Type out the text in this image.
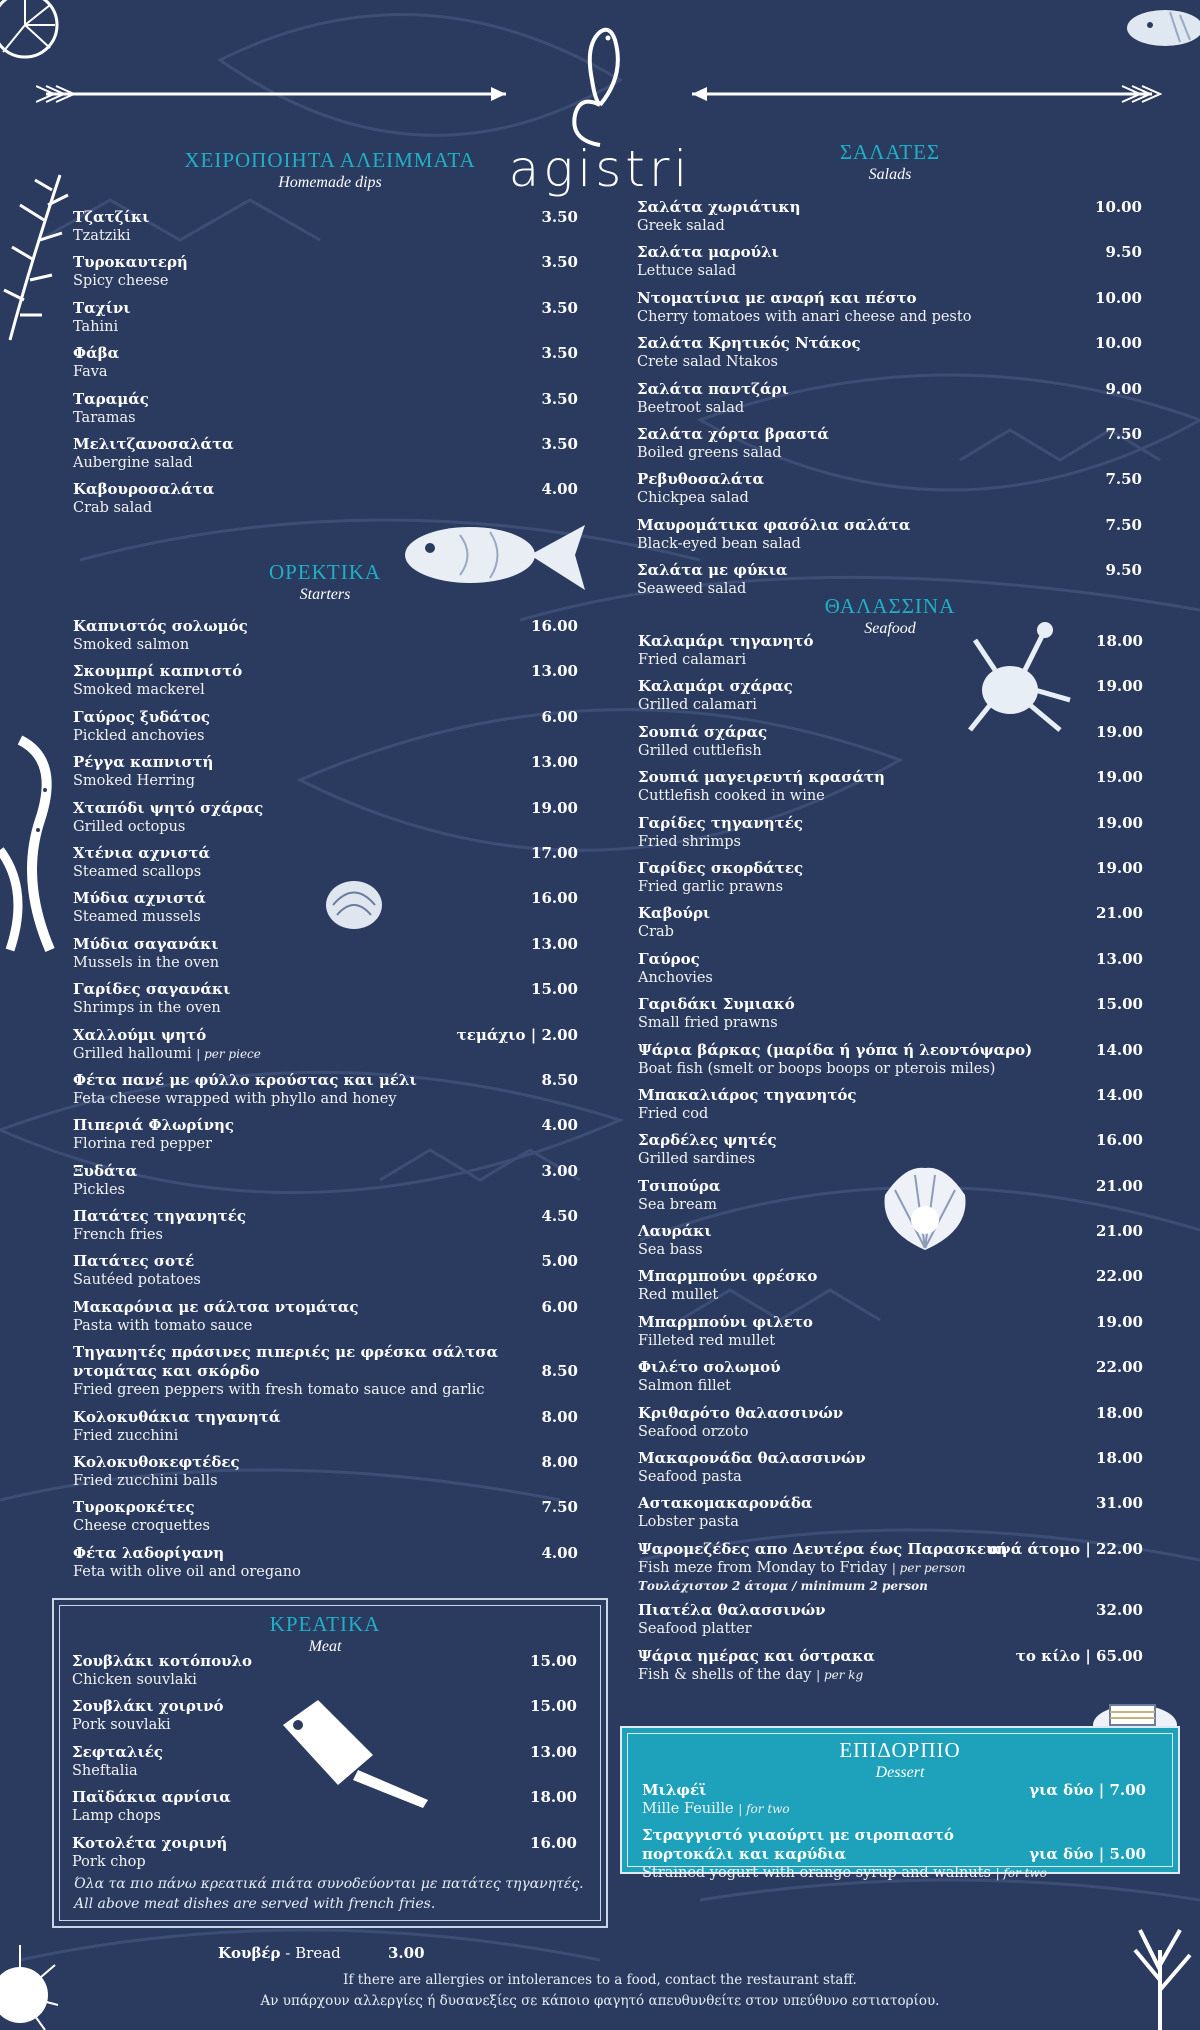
agistri
ΧΕΙΡΟΠΟΙΗΤΑ ΑΛΕΙΜΜΑΤΑ
Homemade dips
Τζατζίκι
Tzatziki
3.50
Τυροκαυτερή
Spicy cheese
3.50
Ταχίνι
Tahini
3.50
Φάβα
Fava
3.50
Ταραμάς
Taramas
3.50
Μελιτζανοσαλάτα
Aubergine salad
3.50
Καβουροσαλάτα
Crab salad
4.00
ΟΡΕΚΤΙΚΑ
Starters
Καπνιστός σολωμός
Smoked salmon
16.00
Σκουμπρί καπνιστό
Smoked mackerel
13.00
Γαύρος ξυδάτος
Pickled anchovies
6.00
Ρέγγα καπνιστή
Smoked Herring
13.00
Χταπόδι ψητό σχάρας
Grilled octopus
19.00
Χτένια αχνιστά
Steamed scallops
17.00
Μύδια αχνιστά
Steamed mussels
16.00
Μύδια σαγανάκι
Mussels in the oven
13.00
Γαρίδες σαγανάκι
Shrimps in the oven
15.00
Χαλλούμι ψητό
Grilled halloumi | per piece
τεμάχιο | 2.00
Φέτα πανέ με φύλλο κρούστας και μέλι
Feta cheese wrapped with phyllo and honey
8.50
Πιπεριά Φλωρίνης
Florina red pepper
4.00
Ξυδάτα
Pickles
3.00
Πατάτες τηγανητές
French fries
4.50
Πατάτες σοτέ
Sautéed potatoes
5.00
Μακαρόνια με σάλτσα ντομάτας
Pasta with tomato sauce
6.00
Τηγανητές πράσινες πιπεριές με φρέσκα σάλτσα
ντομάτας και σκόρδο
Fried green peppers with fresh tomato sauce and garlic
8.50
Κολοκυθάκια τηγανητά
Fried zucchini
8.00
Κολοκυθοκεφτέδες
Fried zucchini balls
8.00
Τυροκροκέτες
Cheese croquettes
7.50
Φέτα λαδορίγανη
Feta with olive oil and oregano
4.00
ΚΡΕΑΤΙΚΑ
Meat
Σουβλάκι κοτόπουλο
Chicken souvlaki
15.00
Σουβλάκι χοιρινό
Pork souvlaki
15.00
Σεφταλιές
Sheftalia
13.00
Παϊδάκια αρνίσια
Lamp chops
18.00
Κοτολέτα χοιρινή
Pork chop
16.00
Όλα τα πιο πάνω κρεατικά πιάτα συνοδεύονται με πατάτες τηγανητές.
All above meat dishes are served with french fries.
ΣΑΛΑΤΕΣ
Salads
Σαλάτα χωριάτικη
Greek salad
10.00
Σαλάτα μαρούλι
Lettuce salad
9.50
Ντοματίνια με αναρή και πέστο
Cherry tomatoes with anari cheese and pesto
10.00
Σαλάτα Κρητικός Ντάκος
Crete salad Ntakos
10.00
Σαλάτα παντζάρι
Beetroot salad
9.00
Σαλάτα χόρτα βραστά
Boiled greens salad
7.50
Ρεβυθοσαλάτα
Chickpea salad
7.50
Μαυρομάτικα φασόλια σαλάτα
Black-eyed bean salad
7.50
Σαλάτα με φύκια
Seaweed salad
9.50
ΘΑΛΑΣΣΙΝΑ
Seafood
Καλαμάρι τηγανητό
Fried calamari
18.00
Καλαμάρι σχάρας
Grilled calamari
19.00
Σουπιά σχάρας
Grilled cuttlefish
19.00
Σουπιά μαγειρευτή κρασάτη
Cuttlefish cooked in wine
19.00
Γαρίδες τηγανητές
Fried shrimps
19.00
Γαρίδες σκορδάτες
Fried garlic prawns
19.00
Καβούρι
Crab
21.00
Γαύρος
Anchovies
13.00
Γαριδάκι Συμιακό
Small fried prawns
15.00
Ψάρια βάρκας (μαρίδα ή γόπα ή λεοντόψαρο)
Boat fish (smelt or boops boops or pterois miles)
14.00
Μπακαλιάρος τηγανητός
Fried cod
14.00
Σαρδέλες ψητές
Grilled sardines
16.00
Τσιπούρα
Sea bream
21.00
Λαυράκι
Sea bass
21.00
Μπαρμπούνι φρέσκο
Red mullet
22.00
Μπαρμπούνι φιλετο
Filleted red mullet
19.00
Φιλέτο σολωμού
Salmon fillet
22.00
Κριθαρότο θαλασσινών
Seafood orzoto
18.00
Μακαρονάδα θαλασσινών
Seafood pasta
18.00
Αστακομακαρονάδα
Lobster pasta
31.00
Ψαρομεζέδες απο Δευτέρα έως Παρασκευή
Fish meze from Monday to Friday | per person
Τουλάχιστον 2 άτομα / minimum 2 person
ανά άτομο | 22.00
Πιατέλα θαλασσινών
Seafood platter
32.00
Ψάρια ημέρας και όστρακα
Fish & shells of the day | per kg
το κίλο | 65.00
ΕΠΙΔΟΡΠΙΟ
Dessert
Μιλφέϊ
Mille Feuille | for two
για δύο | 7.00
Στραγγιστό γιαούρτι με σιροπιαστό
πορτοκάλι και καρύδια
Strained yogurt with orange syrup and walnuts | for two
για δύο | 5.00
Κουβέρ - Bread	3.00
If there are allergies or intolerances to a food, contact the restaurant staff.
Αν υπάρχουν αλλεργίες ή δυσανεξίες σε κάποιο φαγητό απευθυνθείτε στον υπεύθυνο εστιατορίου.
